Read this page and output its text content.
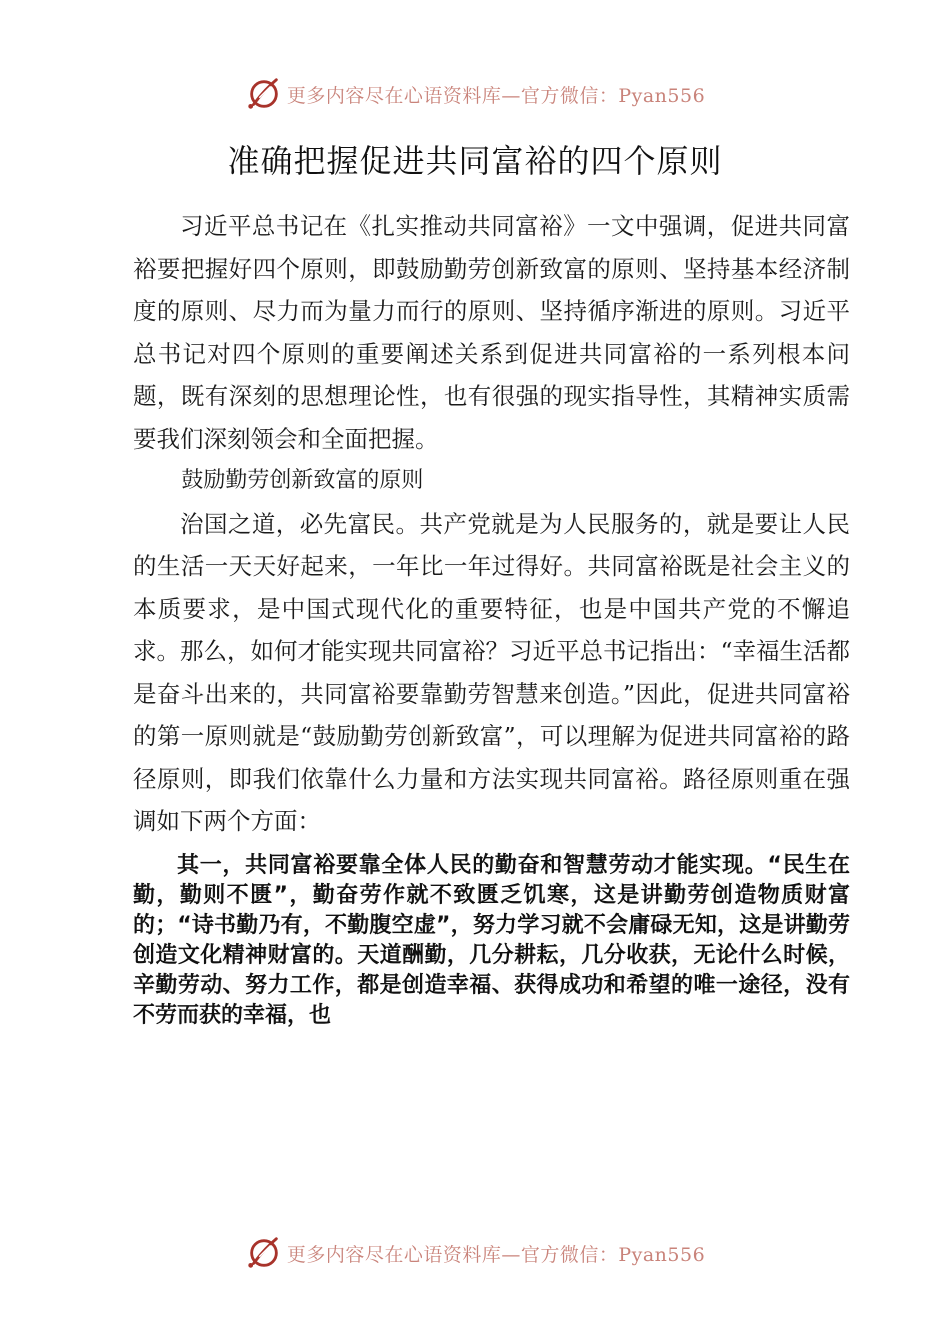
更多内容尽在心语资料库—官方微信：Pyan556
准确把握促进共同富裕的四个原则

习近平总书记在《扎实推动共同富裕》一文中强调，促进共同富裕要把握好四个原则，即鼓励勤劳创新致富的原则、坚持基本经济制度的原则、尽力而为量力而行的原则、坚持循序渐进的原则。习近平总书记对四个原则的重要阐述关系到促进共同富裕的一系列根本问题，既有深刻的思想理论性，也有很强的现实指导性，其精神实质需要我们深刻领会和全面把握。

鼓励勤劳创新致富的原则

治国之道，必先富民。共产党就是为人民服务的，就是要让人民的生活一天天好起来，一年比一年过得好。共同富裕既是社会主义的本质要求，是中国式现代化的重要特征，也是中国共产党的不懈追求。那么，如何才能实现共同富裕？习近平总书记指出：“幸福生活都是奋斗出来的，共同富裕要靠勤劳智慧来创造。”因此，促进共同富裕的第一原则就是“鼓励勤劳创新致富”，可以理解为促进共同富裕的路径原则，即我们依靠什么力量和方法实现共同富裕。路径原则重在强调如下两个方面：

其一，共同富裕要靠全体人民的勤奋和智慧劳动才能实现。“民生在勤，勤则不匮”，勤奋劳作就不致匮乏饥寒，这是讲勤劳创造物质财富的；“诗书勤乃有，不勤腹空虚”，努力学习就不会庸碌无知，这是讲勤劳创造文化精神财富的。天道酬勤，几分耕耘，几分收获，无论什么时候，辛勤劳动、努力工作，都是创造幸福、获得成功和希望的唯一途径，没有不劳而获的幸福，也

更多内容尽在心语资料库—官方微信：Pyan556
